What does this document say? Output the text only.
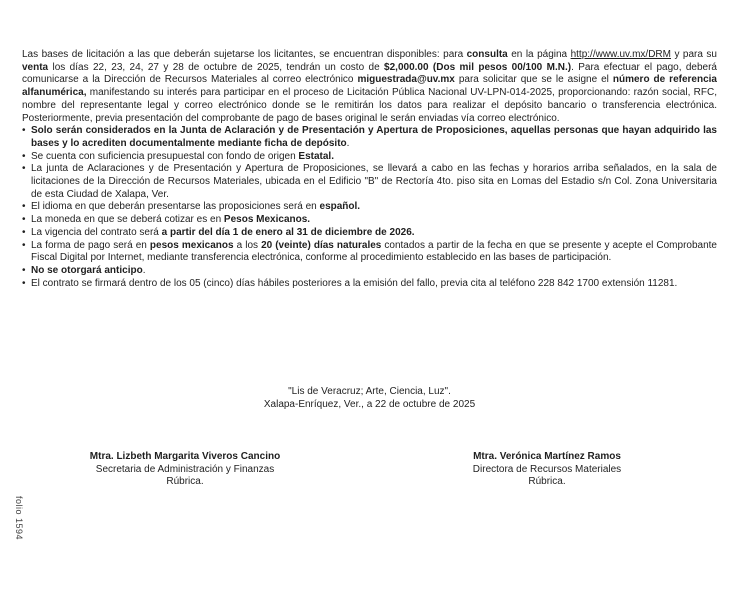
Las bases de licitación a las que deberán sujetarse los licitantes, se encuentran disponibles: para consulta en la página http://www.uv.mx/DRM y para su venta los días 22, 23, 24, 27 y 28 de octubre de 2025, tendrán un costo de $2,000.00 (Dos mil pesos 00/100 M.N.). Para efectuar el pago, deberá comunicarse a la Dirección de Recursos Materiales al correo electrónico miguestrada@uv.mx para solicitar que se le asigne el número de referencia alfanumérica, manifestando su interés para participar en el proceso de Licitación Pública Nacional UV-LPN-014-2025, proporcionando: razón social, RFC, nombre del representante legal y correo electrónico donde se le remitirán los datos para realizar el depósito bancario o transferencia electrónica. Posteriormente, previa presentación del comprobante de pago de bases original le serán enviadas vía correo electrónico.

• Solo serán considerados en la Junta de Aclaración y de Presentación y Apertura de Proposiciones, aquellas personas que hayan adquirido las bases y lo acrediten documentalmente mediante ficha de depósito.
• Se cuenta con suficiencia presupuestal con fondo de origen Estatal.
• La junta de Aclaraciones y de Presentación y Apertura de Proposiciones, se llevará a cabo en las fechas y horarios arriba señalados, en la sala de licitaciones de la Dirección de Recursos Materiales, ubicada en el Edificio "B" de Rectoría 4to. piso sita en Lomas del Estadio s/n Col. Zona Universitaria de esta Ciudad de Xalapa, Ver.
• El idioma en que deberán presentarse las proposiciones será en español.
• La moneda en que se deberá cotizar es en Pesos Mexicanos.
• La vigencia del contrato será a partir del día 1 de enero al 31 de diciembre de 2026.
• La forma de pago será en pesos mexicanos a los 20 (veinte) días naturales contados a partir de la fecha en que se presente y acepte el Comprobante Fiscal Digital por Internet, mediante transferencia electrónica, conforme al procedimiento establecido en las bases de participación.
• No se otorgará anticipo.
• El contrato se firmará dentro de los 05 (cinco) días hábiles posteriores a la emisión del fallo, previa cita al teléfono 228 842 1700 extensión 11281.
"Lis de Veracruz; Arte, Ciencia, Luz".
Xalapa-Enríquez, Ver., a 22 de octubre de 2025
Mtra. Lizbeth Margarita Viveros Cancino
Secretaria de Administración y Finanzas
Rúbrica.
Mtra. Verónica Martínez Ramos
Directora de Recursos Materiales
Rúbrica.
folio 1594
